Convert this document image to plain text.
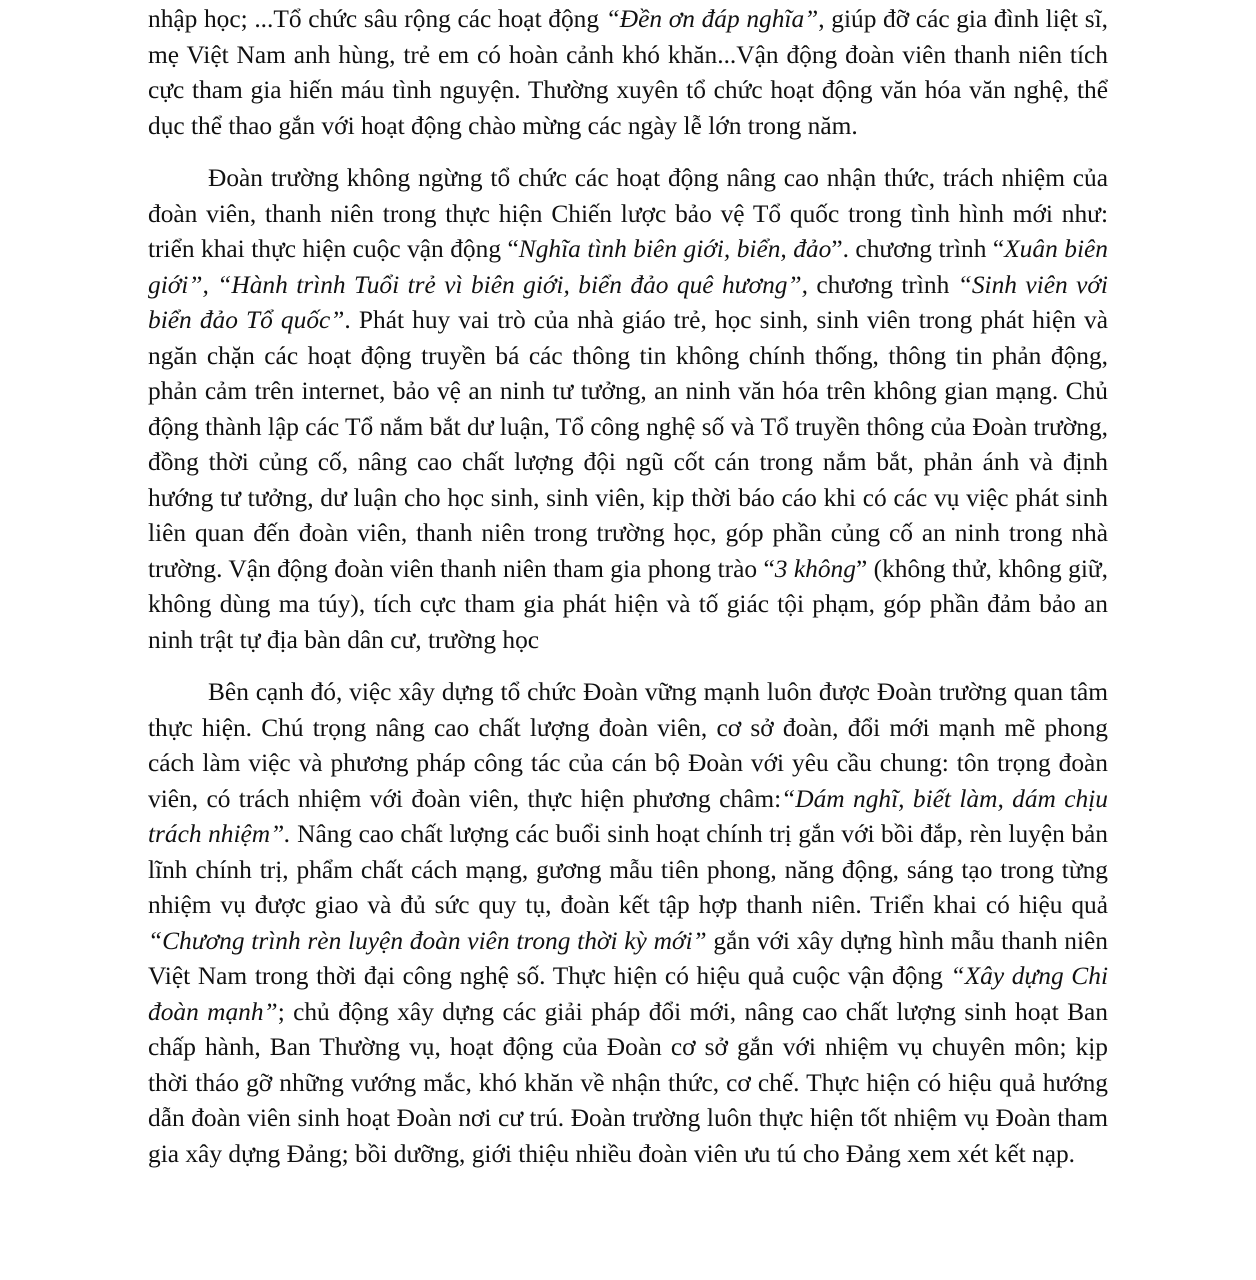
nhập học; ...Tổ chức sâu rộng các hoạt động “Đền ơn đáp nghĩa”, giúp đỡ các gia đình liệt sĩ, mẹ Việt Nam anh hùng, trẻ em có hoàn cảnh khó khăn...Vận động đoàn viên thanh niên tích cực tham gia hiến máu tình nguyện. Thường xuyên tổ chức hoạt động văn hóa văn nghệ, thể dục thể thao gắn với hoạt động chào mừng các ngày lễ lớn trong năm.

Đoàn trường không ngừng tổ chức các hoạt động nâng cao nhận thức, trách nhiệm của đoàn viên, thanh niên trong thực hiện Chiến lược bảo vệ Tổ quốc trong tình hình mới như: triển khai thực hiện cuộc vận động “Nghĩa tình biên giới, biển, đảo”. chương trình “Xuân biên giới”, “Hành trình Tuổi trẻ vì biên giới, biển đảo quê hương”, chương trình “Sinh viên với biển đảo Tổ quốc”. Phát huy vai trò của nhà giáo trẻ, học sinh, sinh viên trong phát hiện và ngăn chặn các hoạt động truyền bá các thông tin không chính thống, thông tin phản động, phản cảm trên internet, bảo vệ an ninh tư tưởng, an ninh văn hóa trên không gian mạng. Chủ động thành lập các Tổ nắm bắt dư luận, Tổ công nghệ số và Tổ truyền thông của Đoàn trường, đồng thời củng cố, nâng cao chất lượng đội ngũ cốt cán trong nắm bắt, phản ánh và định hướng tư tưởng, dư luận cho học sinh, sinh viên, kịp thời báo cáo khi có các vụ việc phát sinh liên quan đến đoàn viên, thanh niên trong trường học, góp phần củng cố an ninh trong nhà trường. Vận động đoàn viên thanh niên tham gia phong trào “3 không” (không thử, không giữ, không dùng ma túy), tích cực tham gia phát hiện và tố giác tội phạm, góp phần đảm bảo an ninh trật tự địa bàn dân cư, trường học

Bên cạnh đó, việc xây dựng tổ chức Đoàn vững mạnh luôn được Đoàn trường quan tâm thực hiện. Chú trọng nâng cao chất lượng đoàn viên, cơ sở đoàn, đổi mới mạnh mẽ phong cách làm việc và phương pháp công tác của cán bộ Đoàn với yêu cầu chung: tôn trọng đoàn viên, có trách nhiệm với đoàn viên, thực hiện phương châm:“Dám nghĩ, biết làm, dám chịu trách nhiệm”. Nâng cao chất lượng các buổi sinh hoạt chính trị gắn với bồi đắp, rèn luyện bản lĩnh chính trị, phẩm chất cách mạng, gương mẫu tiên phong, năng động, sáng tạo trong từng nhiệm vụ được giao và đủ sức quy tụ, đoàn kết tập hợp thanh niên. Triển khai có hiệu quả “Chương trình rèn luyện đoàn viên trong thời kỳ mới” gắn với xây dựng hình mẫu thanh niên Việt Nam trong thời đại công nghệ số. Thực hiện có hiệu quả cuộc vận động “Xây dựng Chi đoàn mạnh”; chủ động xây dựng các giải pháp đổi mới, nâng cao chất lượng sinh hoạt Ban chấp hành, Ban Thường vụ, hoạt động của Đoàn cơ sở gắn với nhiệm vụ chuyên môn; kịp thời tháo gỡ những vướng mắc, khó khăn về nhận thức, cơ chế. Thực hiện có hiệu quả hướng dẫn đoàn viên sinh hoạt Đoàn nơi cư trú. Đoàn trường luôn thực hiện tốt nhiệm vụ Đoàn tham gia xây dựng Đảng; bồi dưỡng, giới thiệu nhiều đoàn viên ưu tú cho Đảng xem xét kết nạp.
